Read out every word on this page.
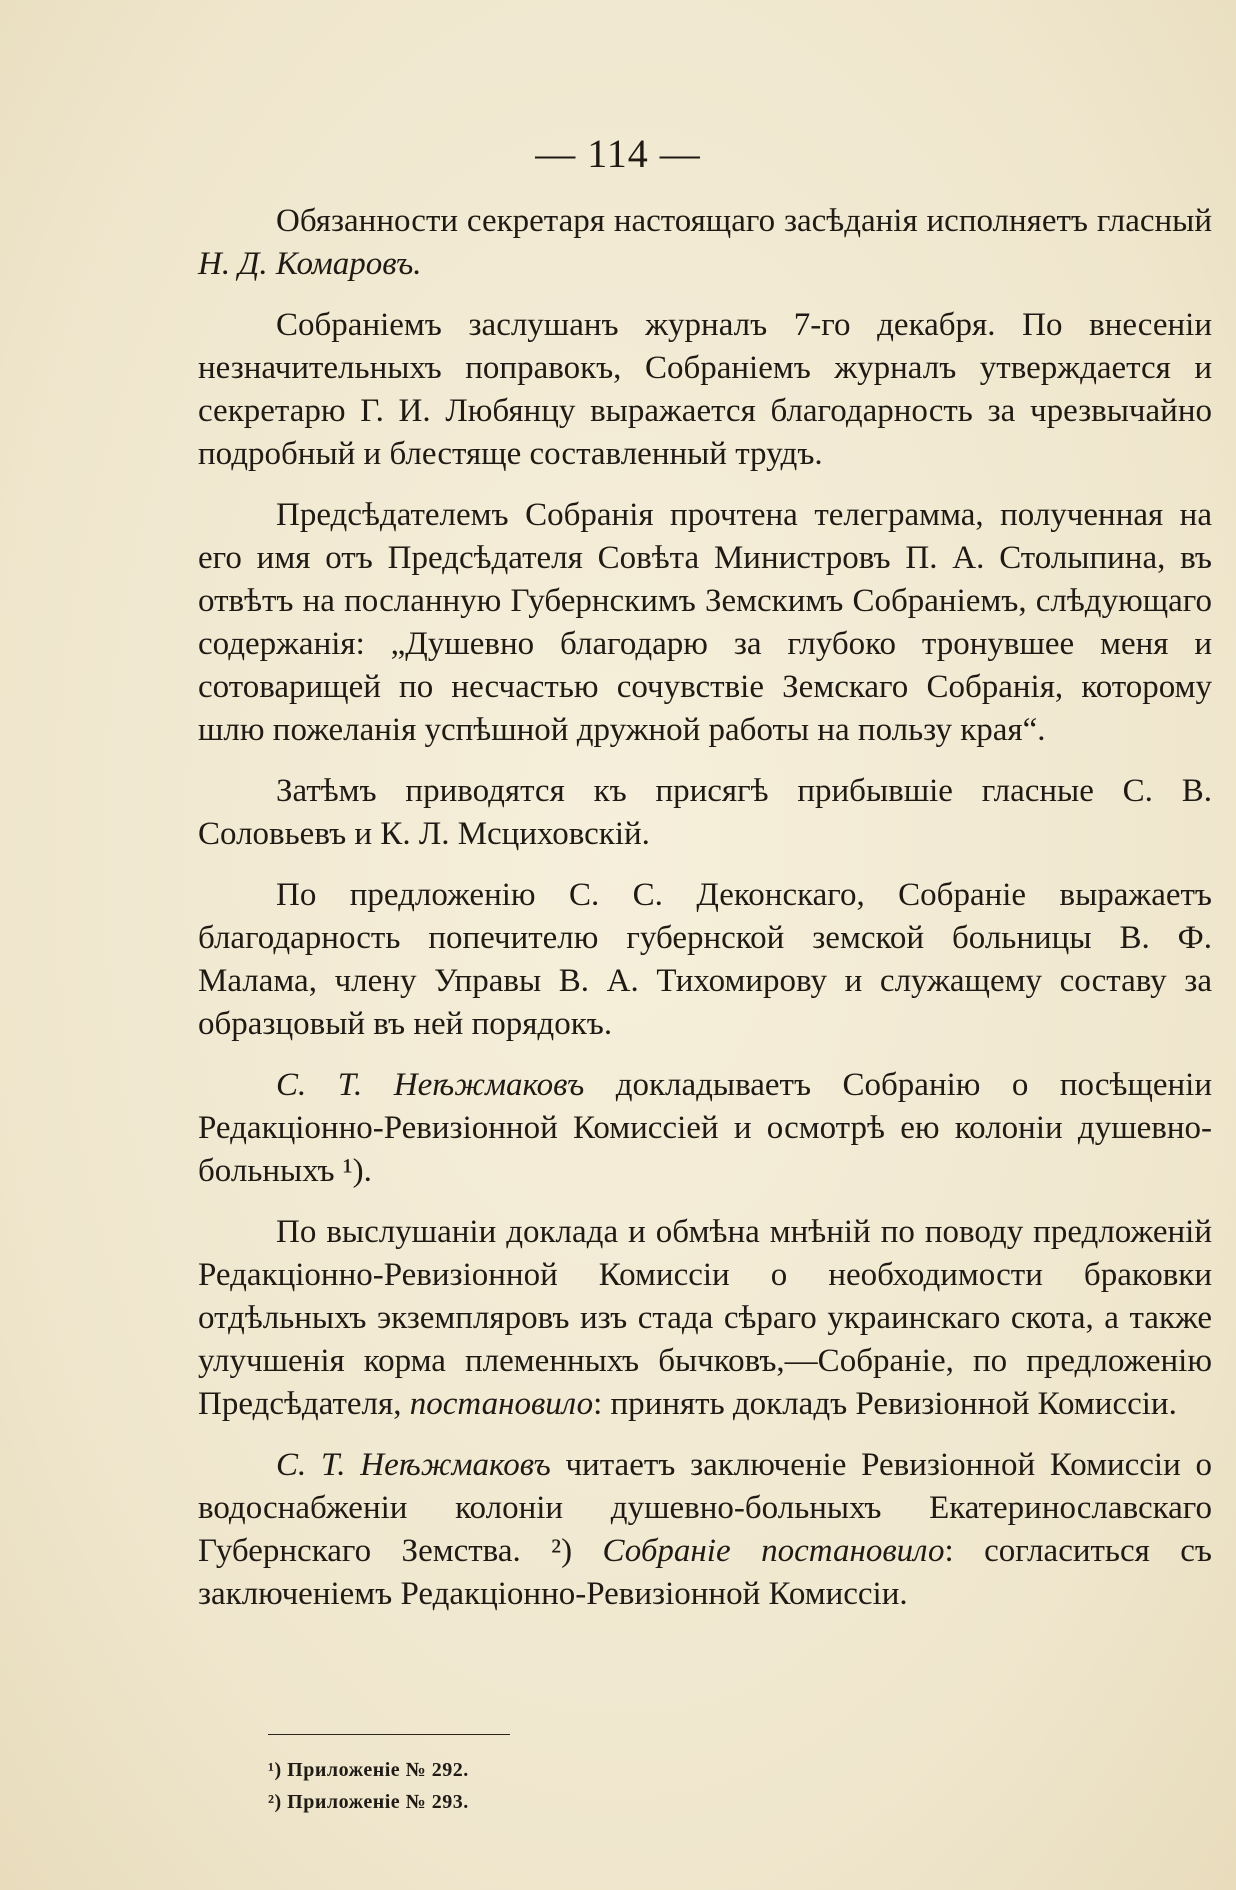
— 114 —

Обязанности секретаря настоящаго засѣданія исполняетъ гласный Н. Д. Комаровъ.

Собраніемъ заслушанъ журналъ 7-го декабря. По внесеніи незначительныхъ поправокъ, Собраніемъ журналъ утверждается и секретарю Г. И. Любянцу выражается благодарность за чрезвычайно подробный и блестяще составленный трудъ.

Предсѣдателемъ Собранія прочтена телеграмма, полученная на его имя отъ Предсѣдателя Совѣта Министровъ П. А. Столыпина, въ отвѣтъ на посланную Губернскимъ Земскимъ Собраніемъ, слѣдующаго содержанія: „Душевно благодарю за глубоко тронувшее меня и сотоварищей по несчастью сочувствіе Земскаго Собранія, которому шлю пожеланія успѣшной дружной работы на пользу края“.

Затѣмъ приводятся къ присягѣ прибывшіе гласные С. В. Соловьевъ и К. Л. Мсциховскій.

По предложенію С. С. Деконскаго, Собраніе выражаетъ благодарность попечителю губернской земской больницы В. Ф. Малама, члену Управы В. А. Тихомирову и служащему составу за образцовый въ ней порядокъ.

С. Т. Неѣжмаковъ докладываетъ Собранію о посѣщеніи Редакціонно-Ревизіонной Комиссіей и осмотрѣ ею колоніи душевно-больныхъ ¹).

По выслушаніи доклада и обмѣна мнѣній по поводу предложеній Редакціонно-Ревизіонной Комиссіи о необходимости браковки отдѣльныхъ экземпляровъ изъ стада сѣраго украинскаго скота, а также улучшенія корма племенныхъ бычковъ,—Собраніе, по предложенію Предсѣдателя, постановило: принять докладъ Ревизіонной Комиссіи.

С. Т. Неѣжмаковъ читаетъ заключеніе Ревизіонной Комиссіи о водоснабженіи колоніи душевно-больныхъ Екатеринославскаго Губернскаго Земства. ²) Собраніе постановило: согласиться съ заключеніемъ Редакціонно-Ревизіонной Комиссіи.

¹) Приложеніе № 292.
²) Приложеніе № 293.
